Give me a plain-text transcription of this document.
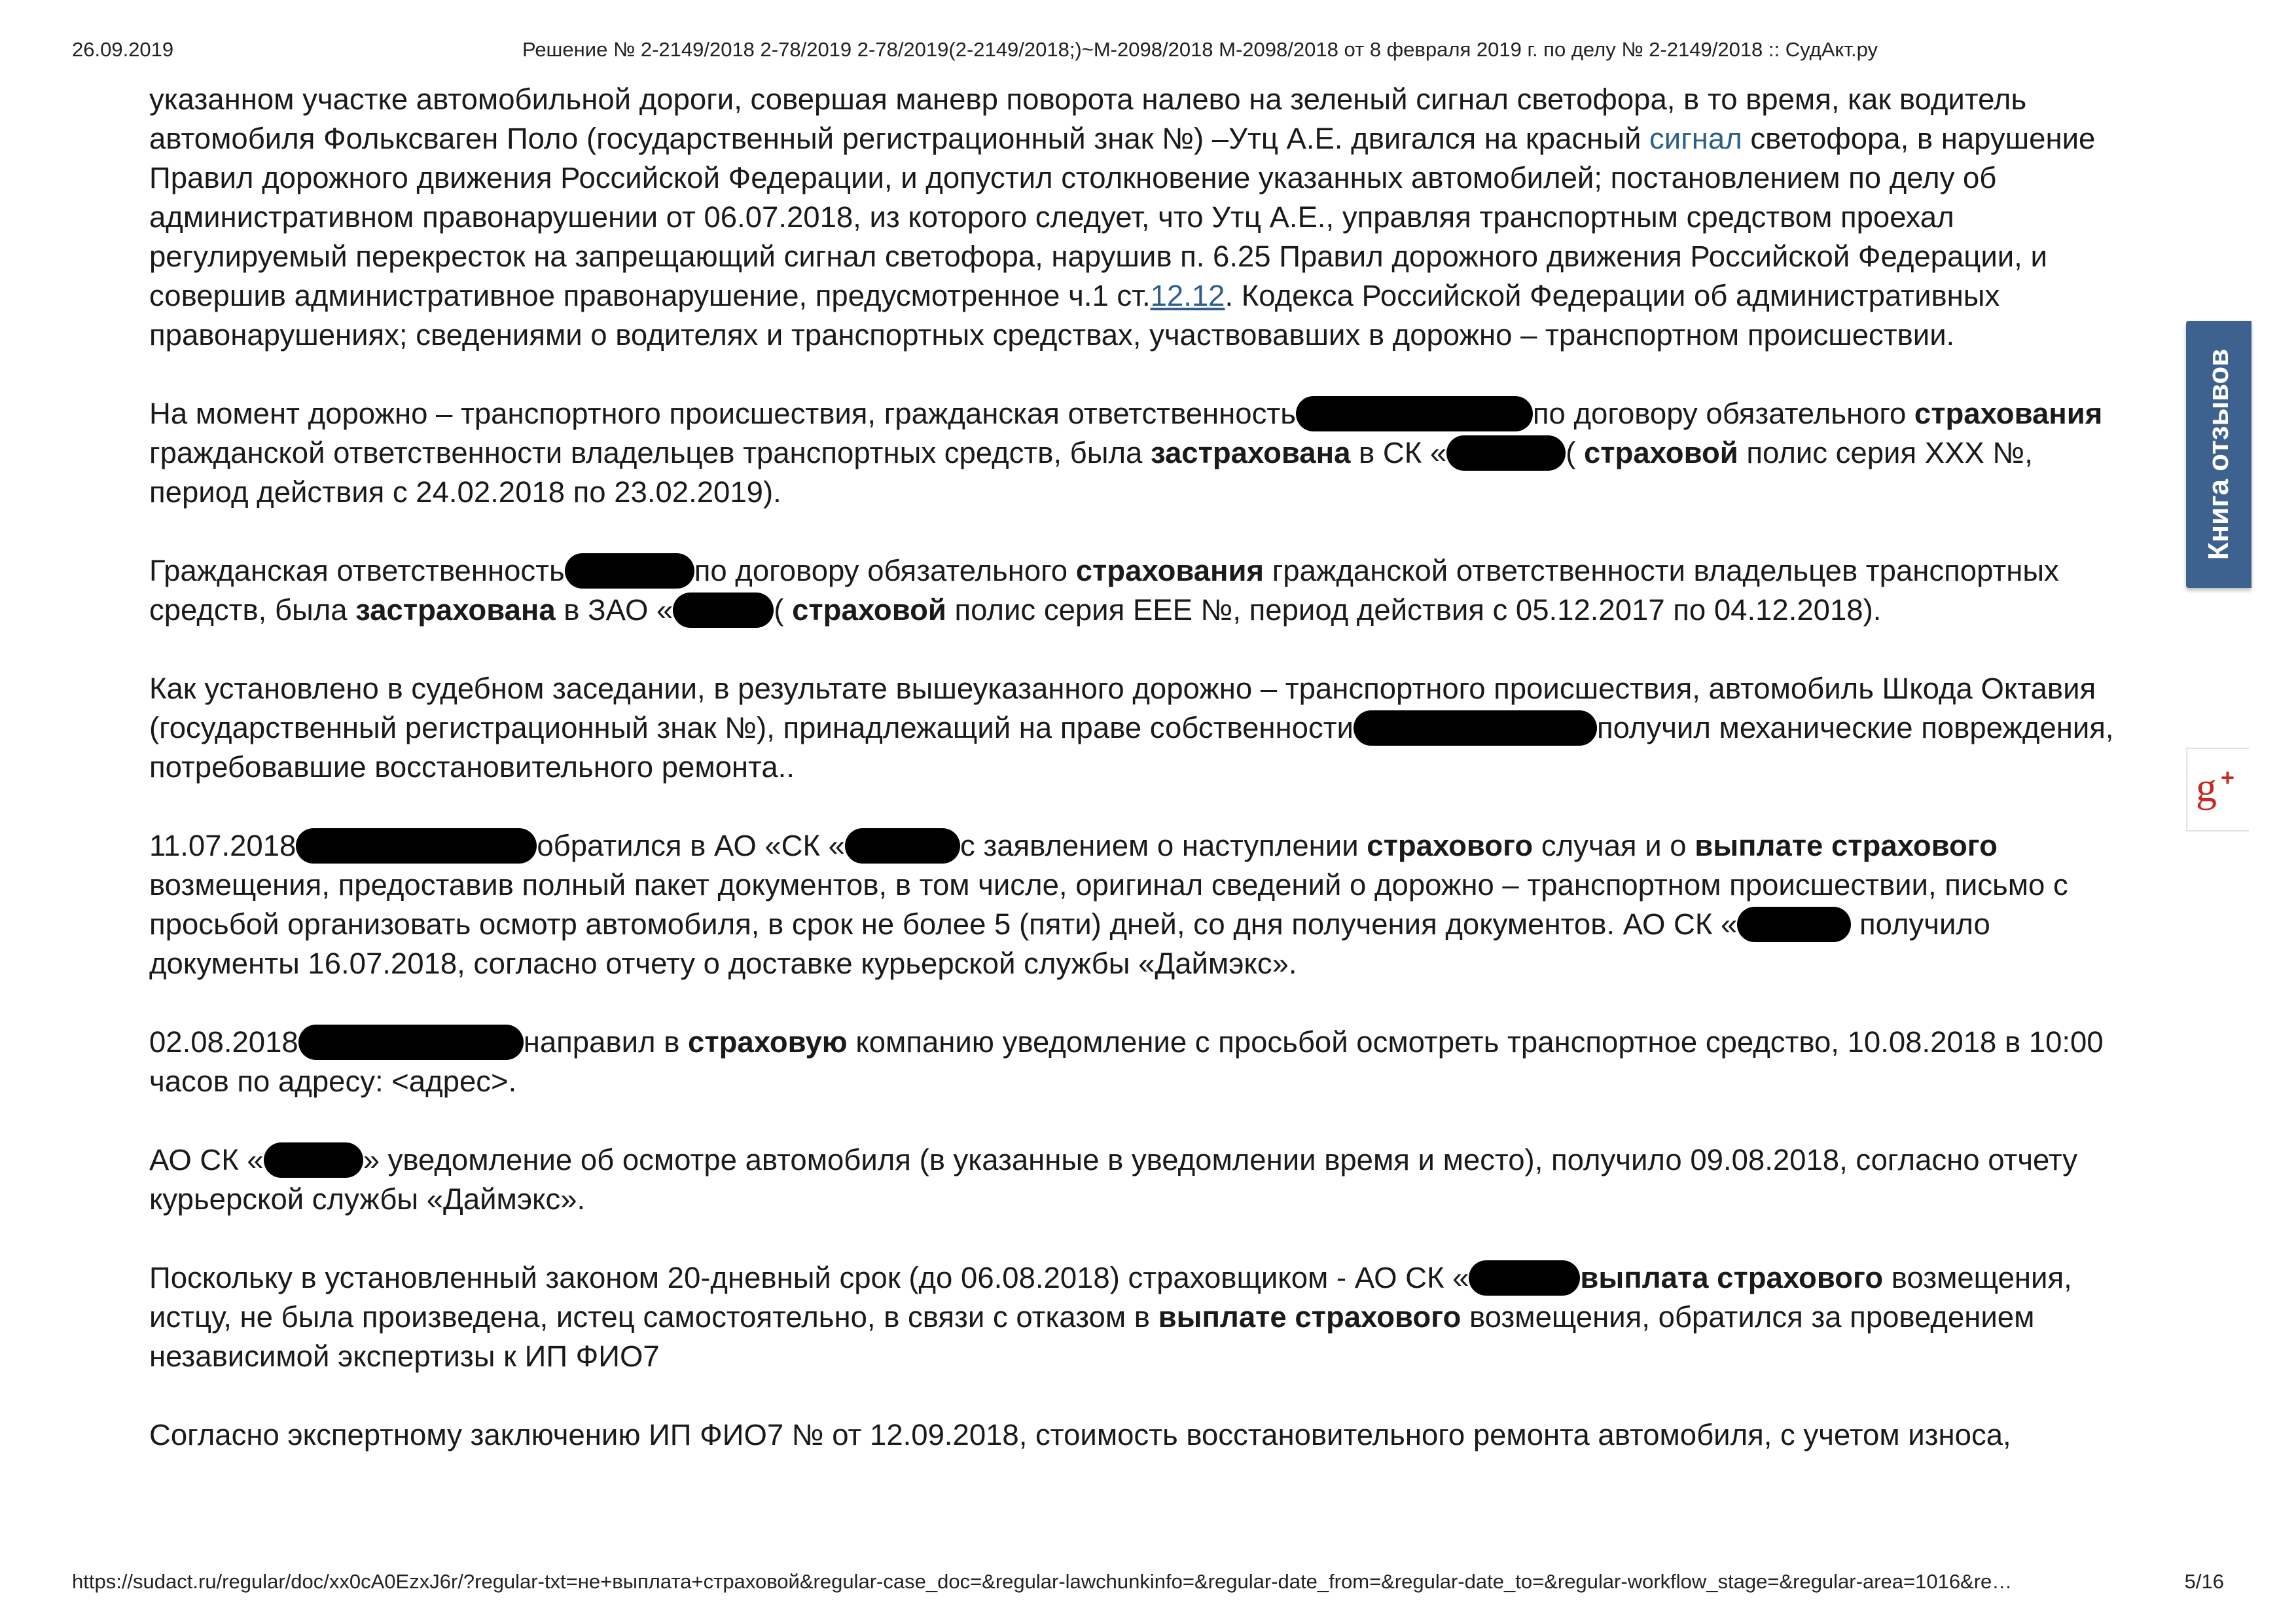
26.09.2019	Решение № 2-2149/2018 2-78/2019 2-78/2019(2-2149/2018;)~М-2098/2018 М-2098/2018 от 8 февраля 2019 г. по делу № 2-2149/2018 :: СудАкт.ру

указанном участке автомобильной дороги, совершая маневр поворота налево на зеленый сигнал светофора, в то время, как водитель автомобиля Фольксваген Поло (государственный регистрационный знак №) –Утц А.Е. двигался на красный сигнал светофора, в нарушение Правил дорожного движения Российской Федерации, и допустил столкновение указанных автомобилей; постановлением по делу об административном правонарушении от 06.07.2018, из которого следует, что Утц А.Е., управляя транспортным средством проехал регулируемый перекресток на запрещающий сигнал светофора, нарушив п. 6.25 Правил дорожного движения Российской Федерации, и совершив административное правонарушение, предусмотренное ч.1 ст.12.12. Кодекса Российской Федерации об административных правонарушениях; сведениями о водителях и транспортных средствах, участвовавших в дорожно – транспортном происшествии.

На момент дорожно – транспортного происшествия, гражданская ответственность	по договору обязательного страхования гражданской ответственности владельцев транспортных средств, была застрахована в СК «	( страховой полис серия ХХХ №, период действия с 24.02.2018 по 23.02.2019).

Гражданская ответственность	по договору обязательного страхования гражданской ответственности владельцев транспортных средств, была застрахована в ЗАО «	( страховой полис серия ЕЕЕ №, период действия с 05.12.2017 по 04.12.2018).

Как установлено в судебном заседании, в результате вышеуказанного дорожно – транспортного происшествия, автомобиль Шкода Октавия (государственный регистрационный знак №), принадлежащий на праве собственности	получил механические повреждения, потребовавшие восстановительного ремонта..

11.07.2018	обратился в АО «СК «	с заявлением о наступлении страхового случая и о выплате страхового возмещения, предоставив полный пакет документов, в том числе, оригинал сведений о дорожно – транспортном происшествии, письмо с просьбой организовать осмотр автомобиля, в срок не более 5 (пяти) дней, со дня получения документов. АО СК «	получило документы 16.07.2018, согласно отчету о доставке курьерской службы «Даймэкс».

02.08.2018	направил в страховую компанию уведомление с просьбой осмотреть транспортное средство, 10.08.2018 в 10:00 часов по адресу: <адрес>.

АО СК «	» уведомление об осмотре автомобиля (в указанные в уведомлении время и место), получило 09.08.2018, согласно отчету курьерской службы «Даймэкс».

Поскольку в установленный законом 20-дневный срок (до 06.08.2018) страховщиком - АО СК «	выплата страхового возмещения, истцу, не была произведена, истец самостоятельно, в связи с отказом в выплате страхового возмещения, обратился за проведением независимой экспертизы к ИП ФИО7

Согласно экспертному заключению ИП ФИО7 № от 12.09.2018, стоимость восстановительного ремонта автомобиля, с учетом износа,

Книга отзывов
g +
https://sudact.ru/regular/doc/xx0cA0EzxJ6r/?regular-txt=не+выплата+страховой&regular-case_doc=&regular-lawchunkinfo=&regular-date_from=&regular-date_to=&regular-workflow_stage=&regular-area=1016&re…	5/16
